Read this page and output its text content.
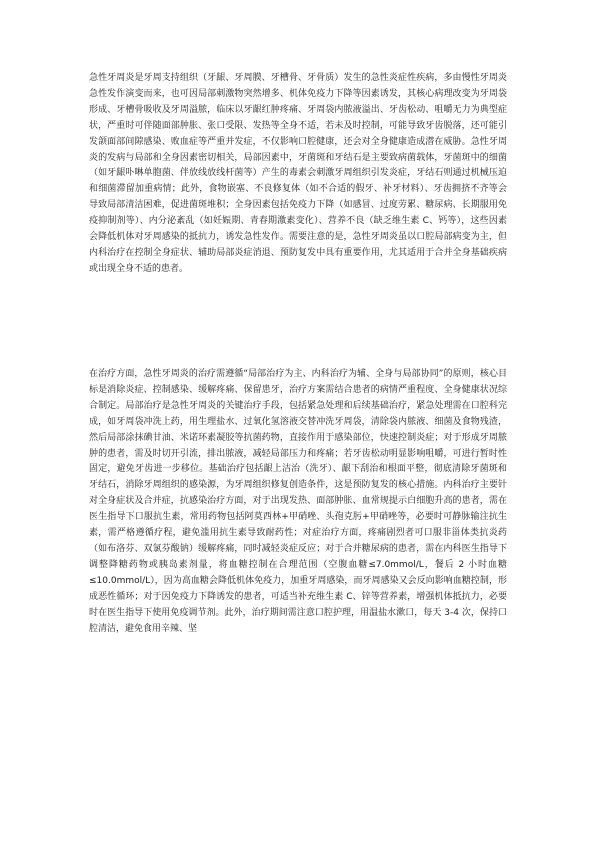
急性牙周炎是牙周支持组织（牙龈、牙周膜、牙槽骨、牙骨质）发生的急性炎症性疾病，多由慢性牙周炎急性发作演变而来，也可因局部刺激物突然增多、机体免疫力下降等因素诱发，其核心病理改变为牙周袋形成、牙槽骨吸收及牙周溢脓，临床以牙龈红肿疼痛、牙周袋内脓液溢出、牙齿松动、咀嚼无力为典型症状，严重时可伴随面部肿胀、张口受限、发热等全身不适，若未及时控制，可能导致牙齿脱落，还可能引发颌面部间隙感染、败血症等严重并发症，不仅影响口腔健康，还会对全身健康造成潜在威胁。急性牙周炎的发病与局部和全身因素密切相关，局部因素中，牙菌斑和牙结石是主要致病菌载体，牙菌斑中的细菌（如牙龈卟啉单胞菌、伴放线放线杆菌等）产生的毒素会刺激牙周组织引发炎症，牙结石则通过机械压迫和细菌滞留加重病情；此外，食物嵌塞、不良修复体（如不合适的假牙、补牙材料）、牙齿拥挤不齐等会导致局部清洁困难，促进菌斑堆积；全身因素包括免疫力下降（如感冒、过度劳累、糖尿病、长期服用免疫抑制剂等）、内分泌紊乱（如妊娠期、青春期激素变化）、营养不良（缺乏维生素 C、钙等），这些因素会降低机体对牙周感染的抵抗力，诱发急性发作。需要注意的是，急性牙周炎虽以口腔局部病变为主，但内科治疗在控制全身症状、辅助局部炎症消退、预防复发中具有重要作用，尤其适用于合并全身基础疾病或出现全身不适的患者。

在治疗方面，急性牙周炎的治疗需遵循“局部治疗为主、内科治疗为辅、全身与局部协同”的原则，核心目标是消除炎症、控制感染、缓解疼痛、保留患牙，治疗方案需结合患者的病情严重程度、全身健康状况综合制定。局部治疗是急性牙周炎的关键治疗手段，包括紧急处理和后续基础治疗，紧急处理需在口腔科完成，如牙周袋冲洗上药，用生理盐水、过氧化氢溶液交替冲洗牙周袋，清除袋内脓液、细菌及食物残渣，然后局部涂抹碘甘油、米诺环素凝胶等抗菌药物，直接作用于感染部位，快速控制炎症；对于形成牙周脓肿的患者，需及时切开引流，排出脓液，减轻局部压力和疼痛；若牙齿松动明显影响咀嚼，可进行暂时性固定，避免牙齿进一步移位。基础治疗包括龈上洁治（洗牙）、龈下刮治和根面平整，彻底清除牙菌斑和牙结石，消除牙周组织的感染源，为牙周组织修复创造条件，这是预防复发的核心措施。内科治疗主要针对全身症状及合并症，抗感染治疗方面，对于出现发热、面部肿胀、血常规提示白细胞升高的患者，需在医生指导下口服抗生素，常用药物包括阿莫西林+甲硝唑、头孢克肟+甲硝唑等，必要时可静脉输注抗生素，需严格遵循疗程，避免滥用抗生素导致耐药性；对症治疗方面，疼痛剧烈者可口服非甾体类抗炎药（如布洛芬、双氯芬酸钠）缓解疼痛，同时减轻炎症反应；对于合并糖尿病的患者，需在内科医生指导下调整降糖药物或胰岛素剂量，将血糖控制在合理范围（空腹血糖≤7.0mmol/L，餐后 2 小时血糖≤10.0mmol/L），因为高血糖会降低机体免疫力，加重牙周感染，而牙周感染又会反向影响血糖控制，形成恶性循环；对于因免疫力下降诱发的患者，可适当补充维生素 C、锌等营养素，增强机体抵抗力，必要时在医生指导下使用免疫调节剂。此外，治疗期间需注意口腔护理，用温盐水漱口，每天 3-4 次，保持口腔清洁，避免食用辛辣、坚
